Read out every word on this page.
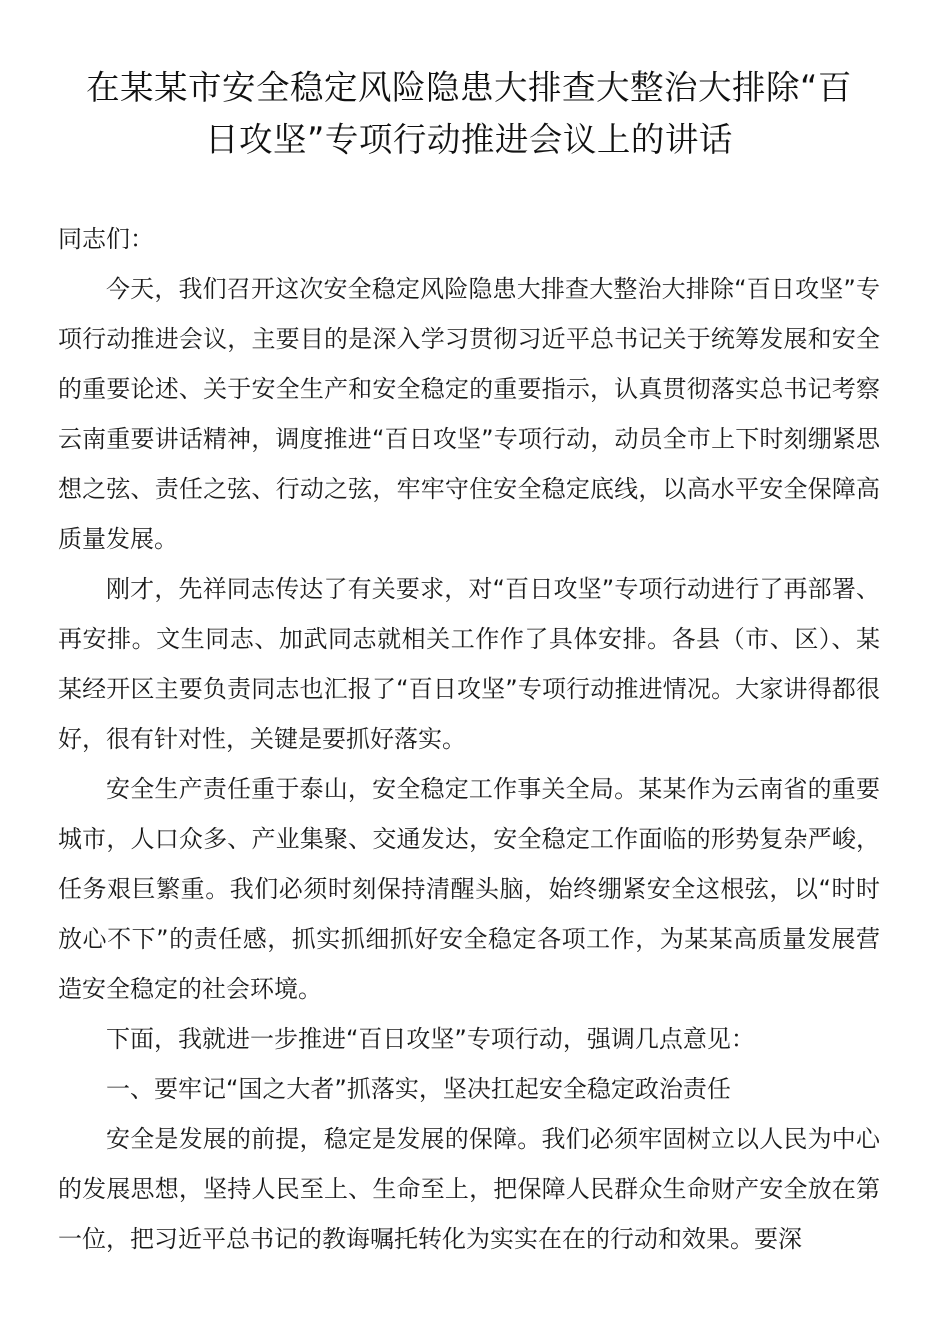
在某某市安全稳定风险隐患大排查大整治大排除“百
日攻坚”专项行动推进会议上的讲话

同志们：

今天，我们召开这次安全稳定风险隐患大排查大整治大排除“百日攻坚”专项行动推进会议，主要目的是深入学习贯彻习近平总书记关于统筹发展和安全的重要论述、关于安全生产和安全稳定的重要指示，认真贯彻落实总书记考察云南重要讲话精神，调度推进“百日攻坚”专项行动，动员全市上下时刻绷紧思想之弦、责任之弦、行动之弦，牢牢守住安全稳定底线，以高水平安全保障高质量发展。

刚才，先祥同志传达了有关要求，对“百日攻坚”专项行动进行了再部署、再安排。文生同志、加武同志就相关工作作了具体安排。各县（市、区）、某某经开区主要负责同志也汇报了“百日攻坚”专项行动推进情况。大家讲得都很好，很有针对性，关键是要抓好落实。

安全生产责任重于泰山，安全稳定工作事关全局。某某作为云南省的重要城市，人口众多、产业集聚、交通发达，安全稳定工作面临的形势复杂严峻，任务艰巨繁重。我们必须时刻保持清醒头脑，始终绷紧安全这根弦，以“时时放心不下”的责任感，抓实抓细抓好安全稳定各项工作，为某某高质量发展营造安全稳定的社会环境。

下面，我就进一步推进“百日攻坚”专项行动，强调几点意见：

一、要牢记“国之大者”抓落实，坚决扛起安全稳定政治责任

安全是发展的前提，稳定是发展的保障。我们必须牢固树立以人民为中心的发展思想，坚持人民至上、生命至上，把保障人民群众生命财产安全放在第一位，把习近平总书记的教诲嘱托转化为实实在在的行动和效果。要深
